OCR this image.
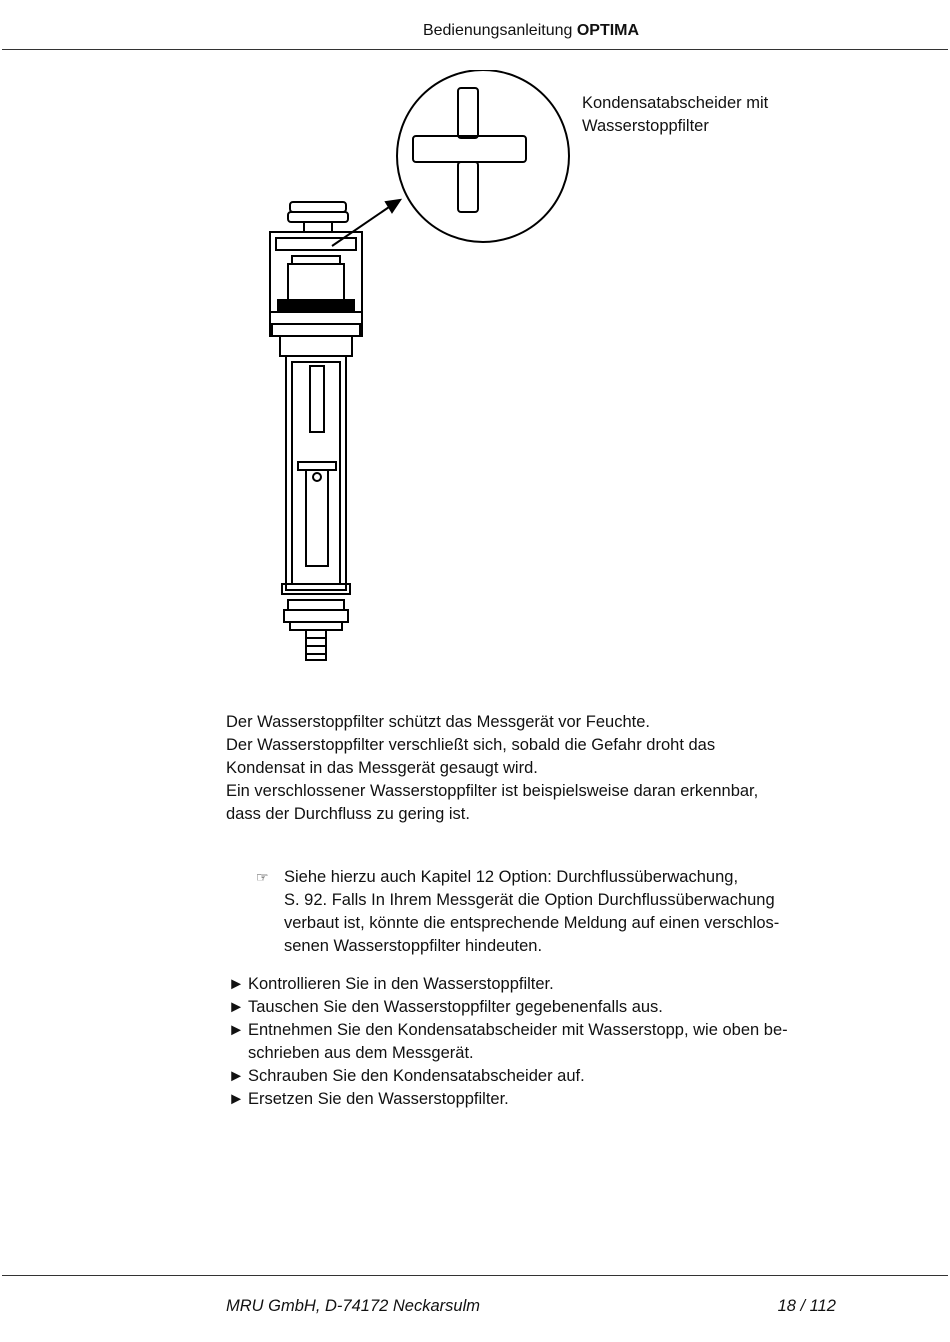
Bedienungsanleitung OPTIMA
Kondensatabscheider mit
Wasserstoppfilter
Der Wasserstoppfilter schützt das Messgerät vor Feuchte.
Der Wasserstoppfilter verschließt sich, sobald die Gefahr droht das
Kondensat in das Messgerät gesaugt wird.
Ein verschlossener Wasserstoppfilter ist beispielsweise daran erkennbar,
dass der Durchfluss zu gering ist.
☞ Siehe hierzu auch Kapitel 12 Option: Durchflussüberwachung,
S. 92. Falls In Ihrem Messgerät die Option Durchflussüberwachung
verbaut ist, könnte die entsprechende Meldung auf einen verschlos-
senen Wasserstoppfilter hindeuten.
► Kontrollieren Sie in den Wasserstoppfilter.
► Tauschen Sie den Wasserstoppfilter gegebenenfalls aus.
► Entnehmen Sie den Kondensatabscheider mit Wasserstopp, wie oben be-
schrieben aus dem Messgerät.
► Schrauben Sie den Kondensatabscheider auf.
► Ersetzen Sie den Wasserstoppfilter.
MRU GmbH, D-74172 Neckarsulm	18 / 112
